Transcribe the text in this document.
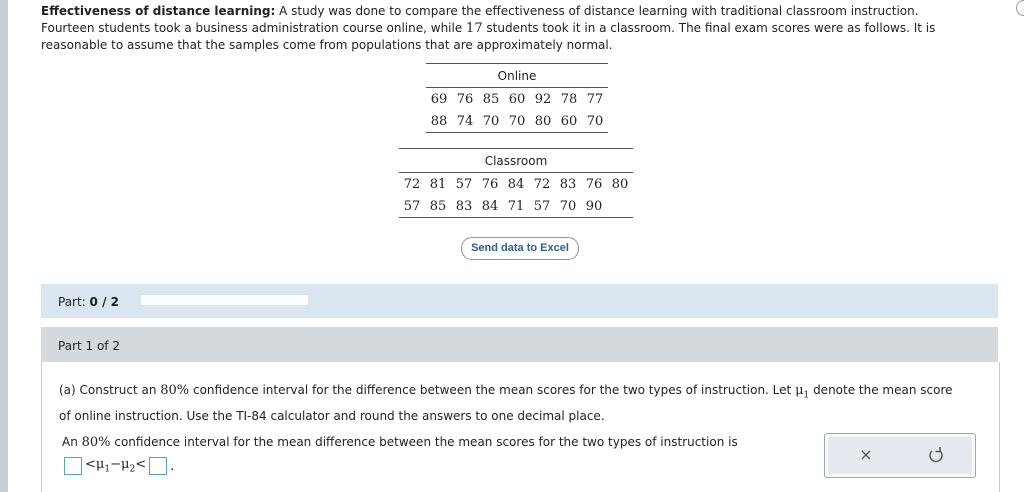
Effectiveness of distance learning: A study was done to compare the effectiveness of distance learning with traditional classroom instruction. Fourteen students took a business administration course online, while 17 students took it in a classroom. The final exam scores were as follows. It is reasonable to assume that the samples come from populations that are approximately normal.
Online						
69	76	85	60	92	78	77
88	74	70	70	80	60	70
Classroom								
72	81	57	76	84	72	83	76	80
57	85	83	84	71	57	70	90	
Send data to Excel
Part: 0 / 2
Part 1 of 2
(a) Construct an 80% confidence interval for the difference between the mean scores for the two types of instruction. Let $\mu_1$ denote the mean score of online instruction. Use the TI-84 calculator and round the answers to one decimal place.
An 80% confidence interval for the mean difference between the mean scores for the two types of instruction is
$<\mu_1-\mu_2<$ .
×
